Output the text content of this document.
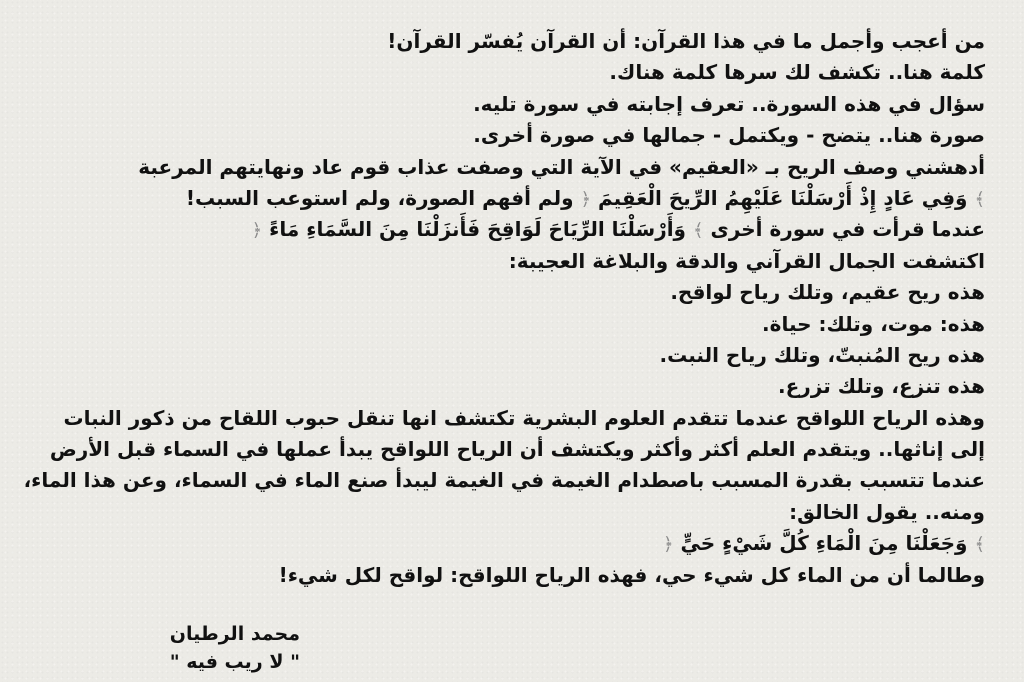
من أعجب وأجمل ما في هذا القرآن: أن القرآن يُفسّر القرآن!
كلمة هنا.. تكشف لك سرها كلمة هناك.
سؤال في هذه السورة.. تعرف إجابته في سورة تليه.
صورة هنا.. يتضح - ويكتمل - جمالها في صورة أخرى.
أدهشني وصف الريح بـ «العقيم» في الآية التي وصفت عذاب قوم عاد ونهايتهم المرعبة
﴾ وَفِي عَادٍ إِذْ أَرْسَلْنَا عَلَيْهِمُ الرِّيحَ الْعَقِيمَ ﴿ ولم أفهم الصورة، ولم استوعب السبب!
عندما قرأت في سورة أخرى ﴾ وَأَرْسَلْنَا الرِّيَاحَ لَوَاقِحَ فَأَنزَلْنَا مِنَ السَّمَاءِ مَاءً ﴿
اكتشفت الجمال القرآني والدقة والبلاغة العجيبة:
هذه ريح عقيم، وتلك رياح لواقح.
هذه: موت، وتلك: حياة.
هذه ريح المُنبتّ، وتلك رياح النبت.
هذه تنزع، وتلك تزرع.
وهذه الرياح اللواقح عندما تتقدم العلوم البشرية تكتشف انها تنقل حبوب اللقاح من ذكور النبات
إلى إناثها.. ويتقدم العلم أكثر وأكثر ويكتشف أن الرياح اللواقح يبدأ عملها في السماء قبل الأرض
عندما تتسبب بقدرة المسبب باصطدام الغيمة في الغيمة ليبدأ صنع الماء في السماء، وعن هذا الماء،
ومنه.. يقول الخالق:
﴾ وَجَعَلْنَا مِنَ الْمَاءِ كُلَّ شَيْءٍ حَيٍّ ﴿
وطالما أن من الماء كل شيء حي، فهذه الرياح اللواقح: لواقح لكل شيء!
محمد الرطيان
" لا ريب فيه "
